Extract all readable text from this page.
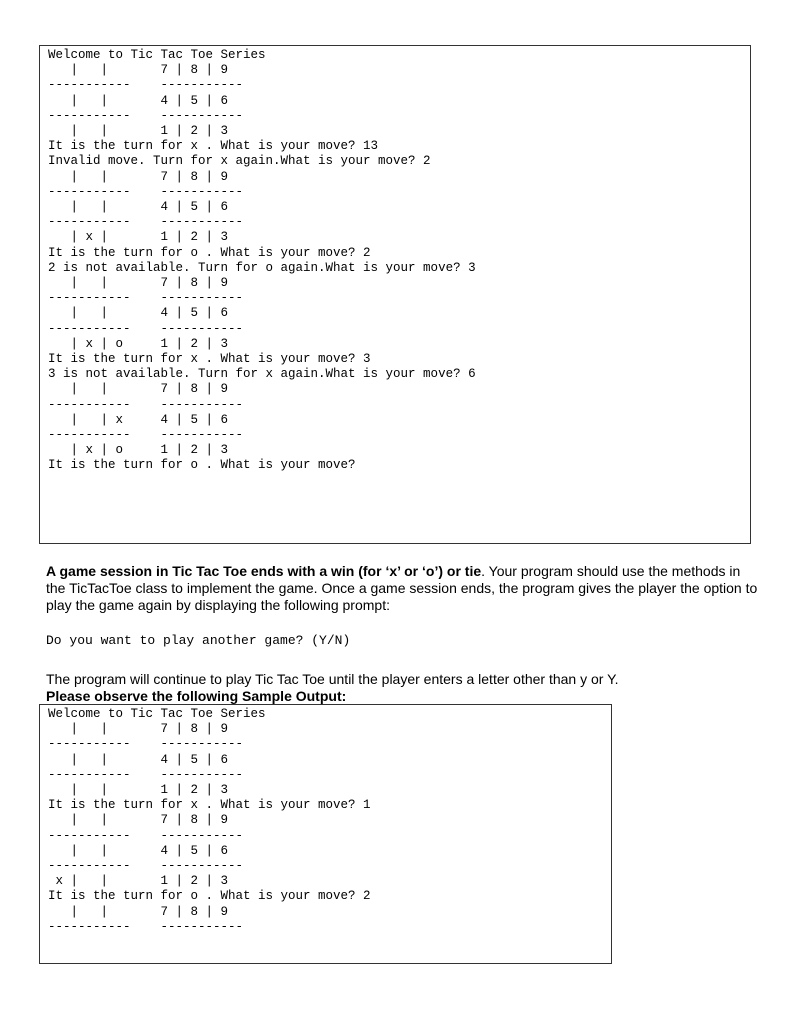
Welcome to Tic Tac Toe Series
|   |       7 | 8 | 9
-----------    -----------
|   |       4 | 5 | 6
-----------    -----------
|   |       1 | 2 | 3
It is the turn for x . What is your move? 13
Invalid move. Turn for x again.What is your move? 2
|   |       7 | 8 | 9
-----------    -----------
|   |       4 | 5 | 6
-----------    -----------
| x |       1 | 2 | 3
It is the turn for o . What is your move? 2
2 is not available. Turn for o again.What is your move? 3
|   |       7 | 8 | 9
-----------    -----------
|   |       4 | 5 | 6
-----------    -----------
| x | o     1 | 2 | 3
It is the turn for x . What is your move? 3
3 is not available. Turn for x again.What is your move? 6
|   |       7 | 8 | 9
-----------    -----------
|   | x     4 | 5 | 6
-----------    -----------
| x | o     1 | 2 | 3
It is the turn for o . What is your move?

A game session in Tic Tac Toe ends with a win (for ‘x’ or ‘o’) or tie. Your program should use the methods in the TicTacToe class to implement the game. Once a game session ends, the program gives the player the option to play the game again by displaying the following prompt:

Do you want to play another game? (Y/N)

The program will continue to play Tic Tac Toe until the player enters a letter other than y or Y.

Please observe the following Sample Output:

Welcome to Tic Tac Toe Series
|   |       7 | 8 | 9
-----------    -----------
|   |       4 | 5 | 6
-----------    -----------
|   |       1 | 2 | 3
It is the turn for x . What is your move? 1
|   |       7 | 8 | 9
-----------    -----------
|   |       4 | 5 | 6
-----------    -----------
x |   |       1 | 2 | 3
It is the turn for o . What is your move? 2
|   |       7 | 8 | 9
-----------    -----------
